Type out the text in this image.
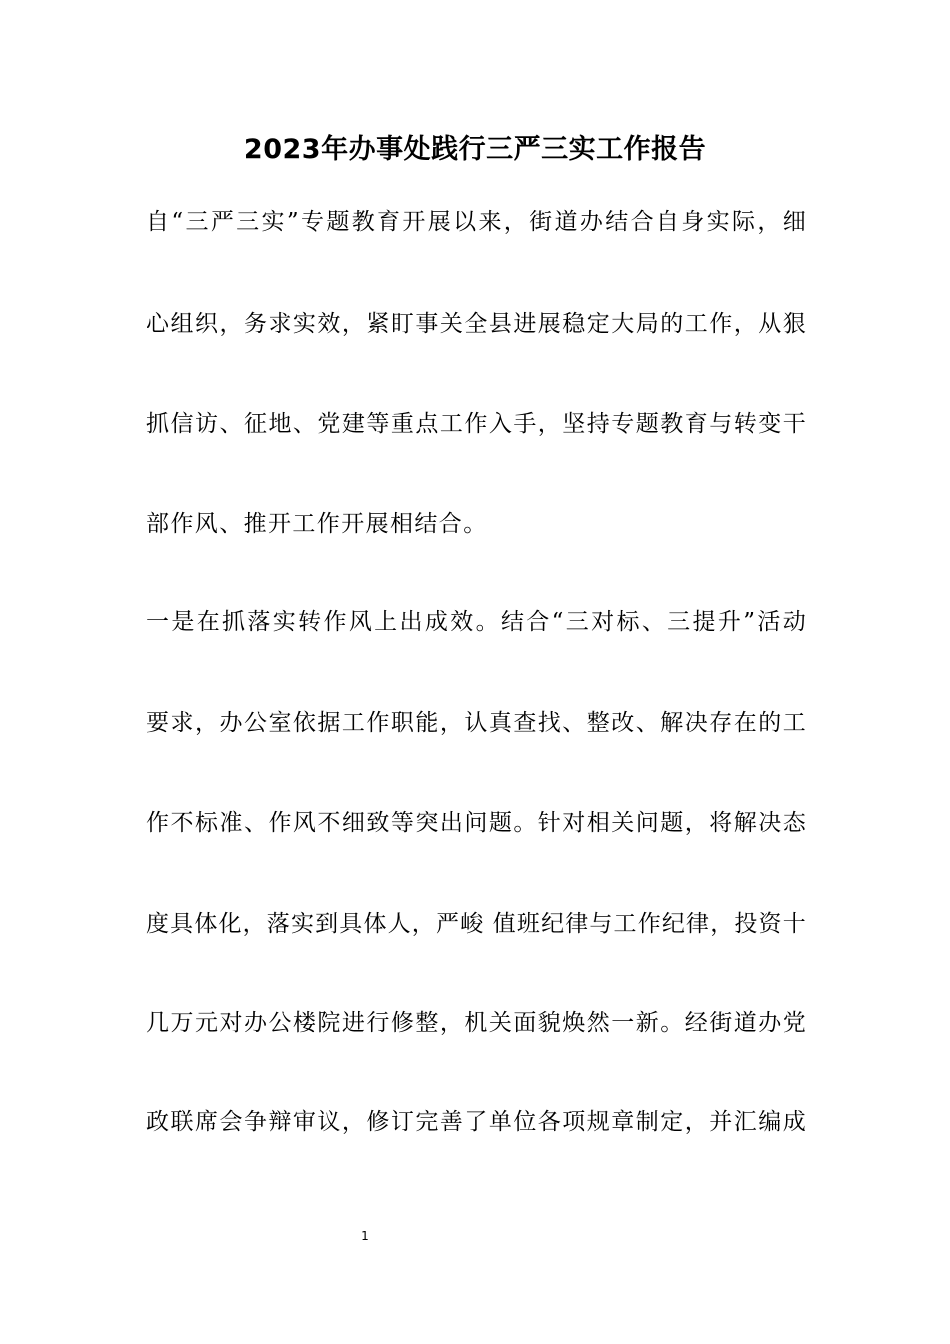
2023年办事处践行三严三实工作报告
自“三严三实”专题教育开展以来，街道办结合自身实际，细
心组织，务求实效，紧盯事关全县进展稳定大局的工作，从狠
抓信访、征地、党建等重点工作入手，坚持专题教育与转变干
部作风、推开工作开展相结合。
一是在抓落实转作风上出成效。结合“三对标、三提升”活动
要求，办公室依据工作职能，认真查找、整改、解决存在的工
作不标准、作风不细致等突出问题。针对相关问题，将解决态
度具体化，落实到具体人，严峻 值班纪律与工作纪律，投资十
几万元对办公楼院进行修整，机关面貌焕然一新。经街道办党
政联席会争辩审议，修订完善了单位各项规章制定，并汇编成
1
